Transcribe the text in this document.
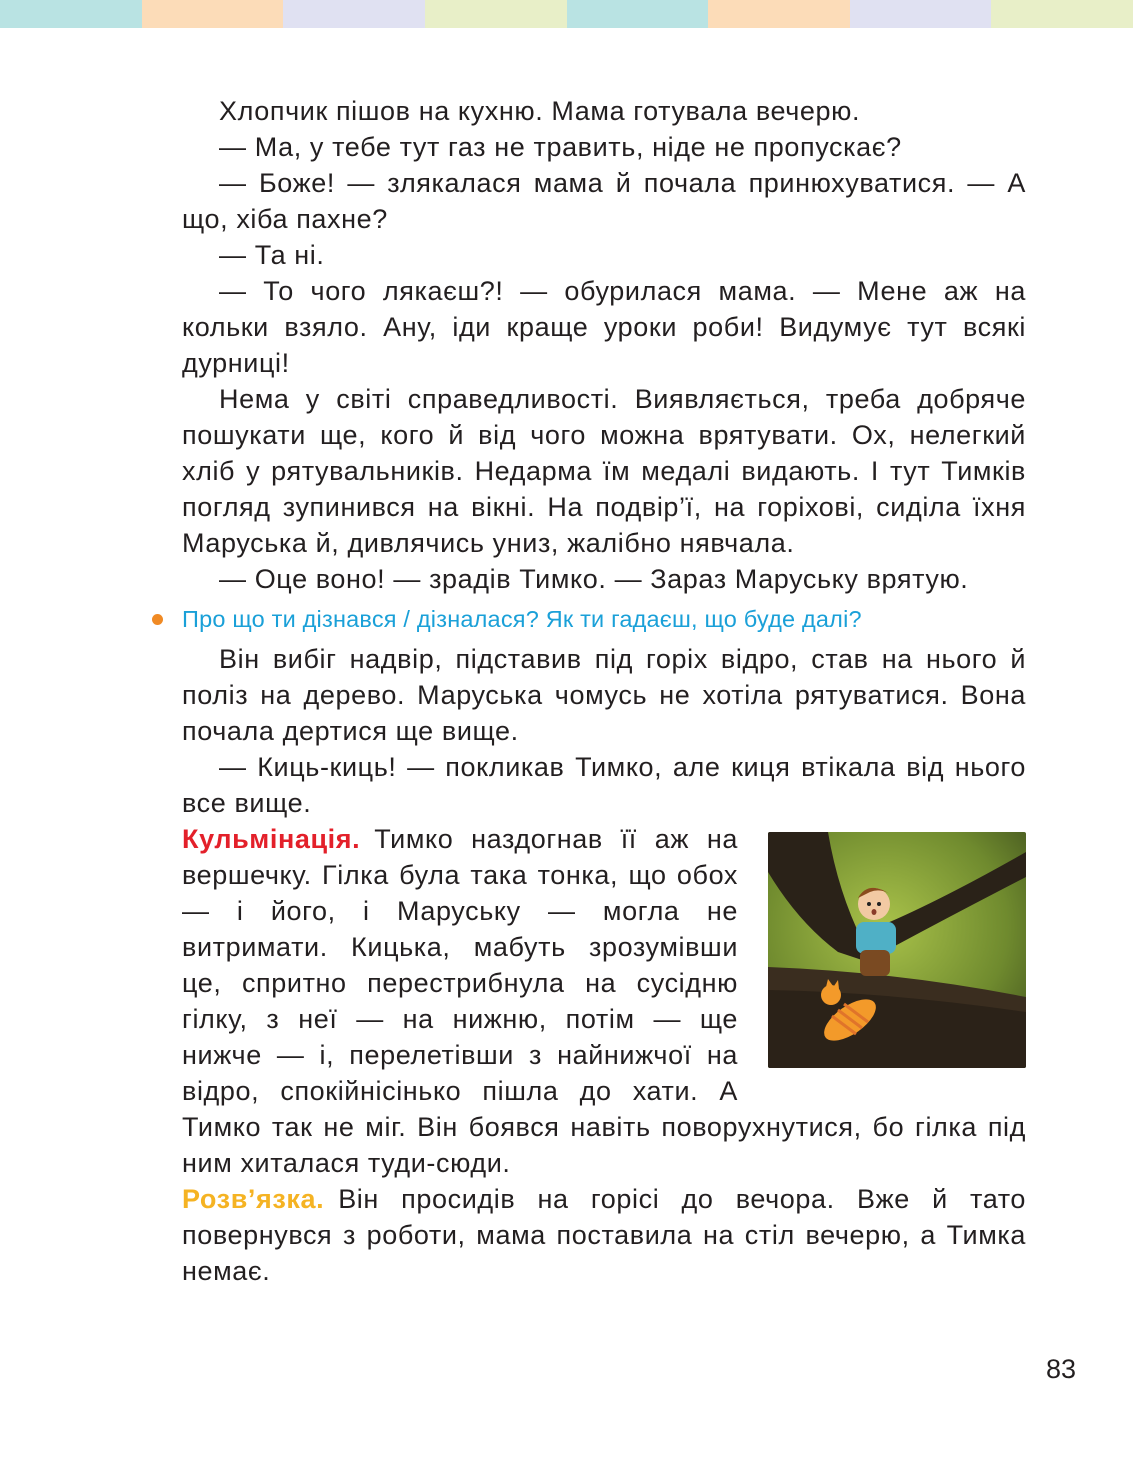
Хлопчик пішов на кухню. Мама готувала вечерю.

— Ма, у тебе тут газ не травить, ніде не пропускає?

— Боже! — злякалася мама й почала принюхуватися. — А що, хіба пахне?

— Та ні.

— То чого лякаєш?! — обурилася мама. — Мене аж на кольки взяло. Ану, іди краще уроки роби! Видумує тут всякі дурниці!

Нема у світі справедливості. Виявляється, треба добряче пошукати ще, кого й від чого можна врятувати. Ох, нелегкий хліб у рятувальників. Недарма їм медалі видають. І тут Тимків погляд зупинився на вікні. На подвір’ї, на горіхові, сиділа їхня Маруська й, дивлячись униз, жалібно нявчала.

— Оце воно! — зрадів Тимко. — Зараз Маруську врятую.

Про що ти дізнався / дізналася? Як ти гадаєш, що буде далі?

Він вибіг надвір, підставив під горіх відро, став на нього й поліз на дерево. Маруська чомусь не хотіла рятуватися. Вона почала дертися ще вище.

— Киць-киць! — покликав Тимко, але киця втікала від нього все вище.

Кульмінація. Тимко наздогнав її аж на вершечку. Гілка була така тонка, що обох — і його, і Маруську — могла не витримати. Кицька, мабуть зрозумівши це, спритно перестрибнула на сусідню гілку, з неї — на нижню, потім — ще нижче — і, перелетівши з найнижчої на відро, спокійнісінько пішла до хати. А Тимко так не міг. Він боявся навіть поворухнутися, бо гілка під ним хиталася туди-сюди.

Розв’язка. Він просидів на горісі до вечора. Вже й тато повернувся з роботи, мама поставила на стіл вечерю, а Тимка немає.

83
